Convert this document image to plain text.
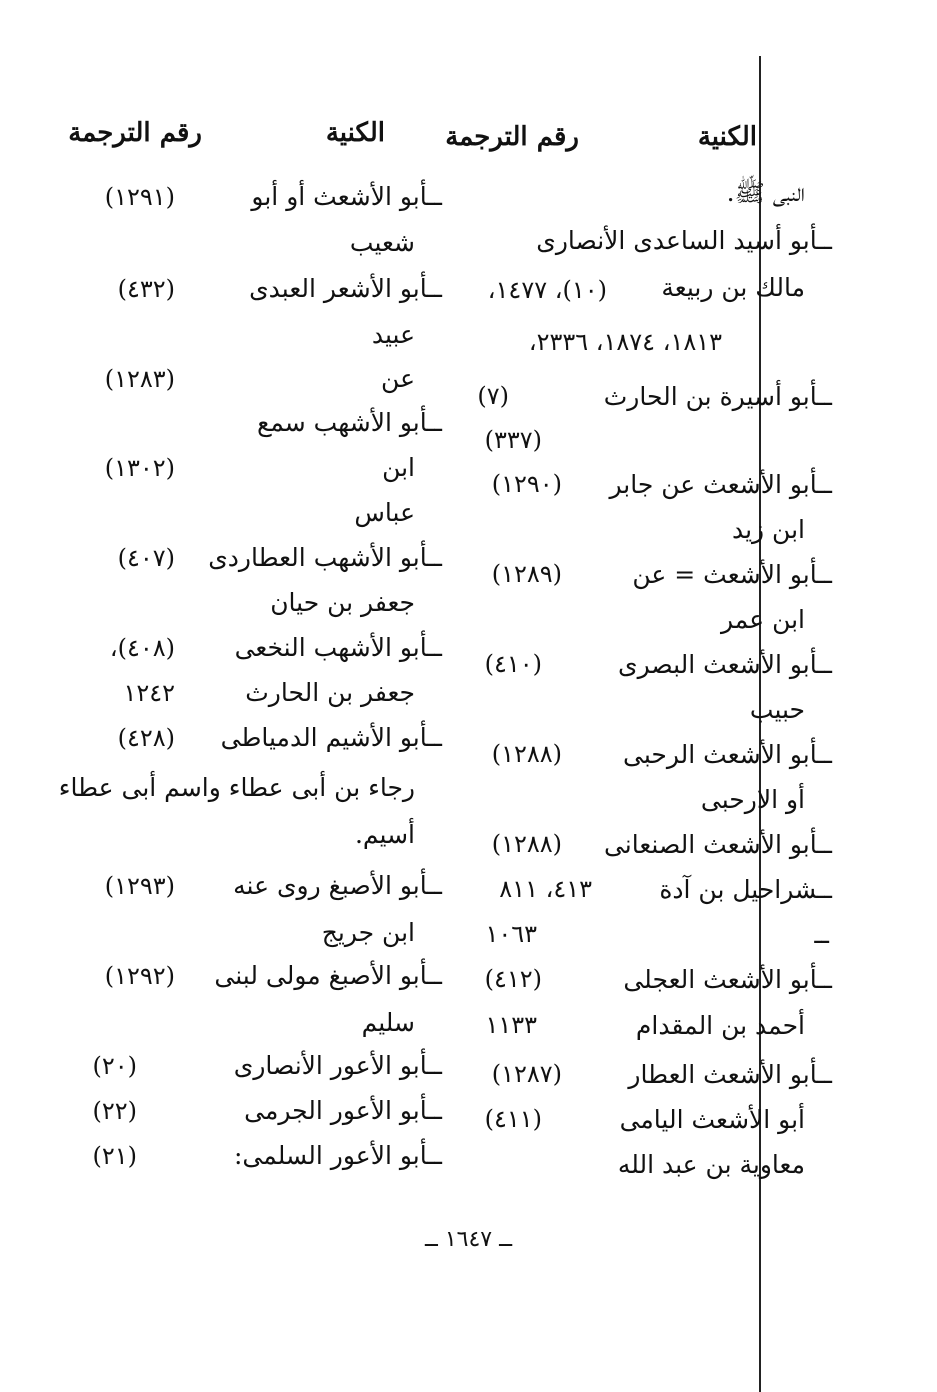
الكنية
رقم الترجمة
الكنية
رقم الترجمة
النبى ﷺ.
ــأبو أسيد الساعدى الأنصارى
مالك بن ربيعة
ــأبو أسيرة بن الحارث
ــأبو الأشعث عن جابر
ابن زيد
ــأبو الأشعث = عن
ابن عمر
ــأبو الأشعث البصرى
حبيب
ــأبو الأشعث الرحبى
أو الارحبى
ــأبو الأشعث الصنعانى
ــشراحيل بن آدة
ــ
ــأبو الأشعث العجلى
أحمد بن المقدام
ــأبو الأشعث العطار
أبو الأشعث اليامى
معاوية بن عبد الله
(١٠)، ١٤٧٧،
١٨١٣، ١٨٧٤، ٢٣٣٦،
(٧)
(٣٣٧)
(١٢٩٠)
(١٢٨٩)
(٤١٠)
(١٢٨٨)
(١٢٨٨)
٤١٣، ٨١١
١٠٦٣
(٤١٢)
١١٣٣
(١٢٨٧)
(٤١١)
ــأبو الأشعث أو أبو
شعيب
ــأبو الأشعر العبدى
عبيد
عن
ــأبو الأشهب سمع
ابن
عباس
ــأبو الأشهب العطاردى
جعفر بن حيان
ــأبو الأشهب النخعى
جعفر بن الحارث
ــأبو الأشيم الدمياطى
رجاء بن أبى عطاء واسم أبى عطاء
أسيم.
ــأبو الأصبغ روى عنه
ابن جريج
ــأبو الأصبغ مولى لبنى
سليم
ــأبو الأعور الأنصارى
ــأبو الأعور الجرمى
ــأبو الأعور السلمى:
(١٢٩١)
(٤٣٢)
(١٢٨٣)
(١٣٠٢)
(٤٠٧)
(٤٠٨)،
١٢٤٢
(٤٢٨)
(١٢٩٣)
(١٢٩٢)
(٢٠)
(٢٢)
(٢١)
ــ ١٦٤٧ ــ
